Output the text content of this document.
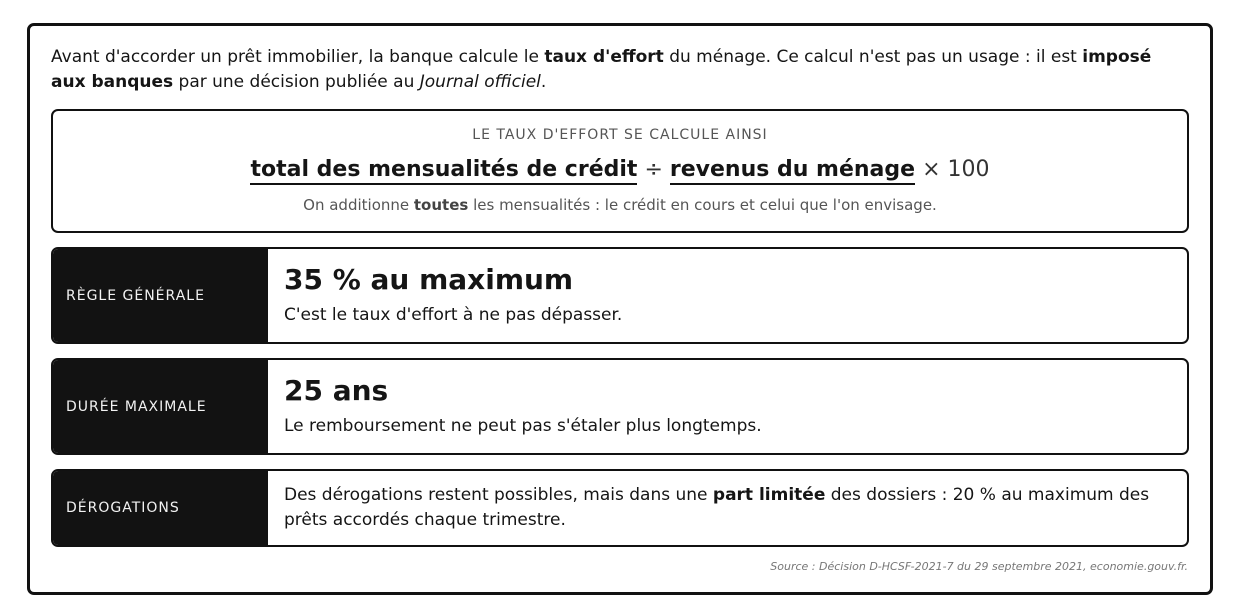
Avant d'accorder un prêt immobilier, la banque calcule le taux d'effort du ménage. Ce calcul n'est pas un usage : il est imposé aux banques par une décision publiée au Journal officiel.

LE TAUX D'EFFORT SE CALCULE AINSI
total des mensualités de crédit ÷ revenus du ménage × 100
On additionne toutes les mensualités : le crédit en cours et celui que l'on envisage.
RÈGLE GÉNÉRALE	35 % au maximum
C'est le taux d'effort à ne pas dépasser.
DURÉE MAXIMALE	25 ans
Le remboursement ne peut pas s'étaler plus longtemps.
DÉROGATIONS
Des dérogations restent possibles, mais dans une part limitée des dossiers : 20 % au maximum des prêts accordés chaque trimestre.
Source : Décision D-HCSF-2021-7 du 29 septembre 2021, economie.gouv.fr.
